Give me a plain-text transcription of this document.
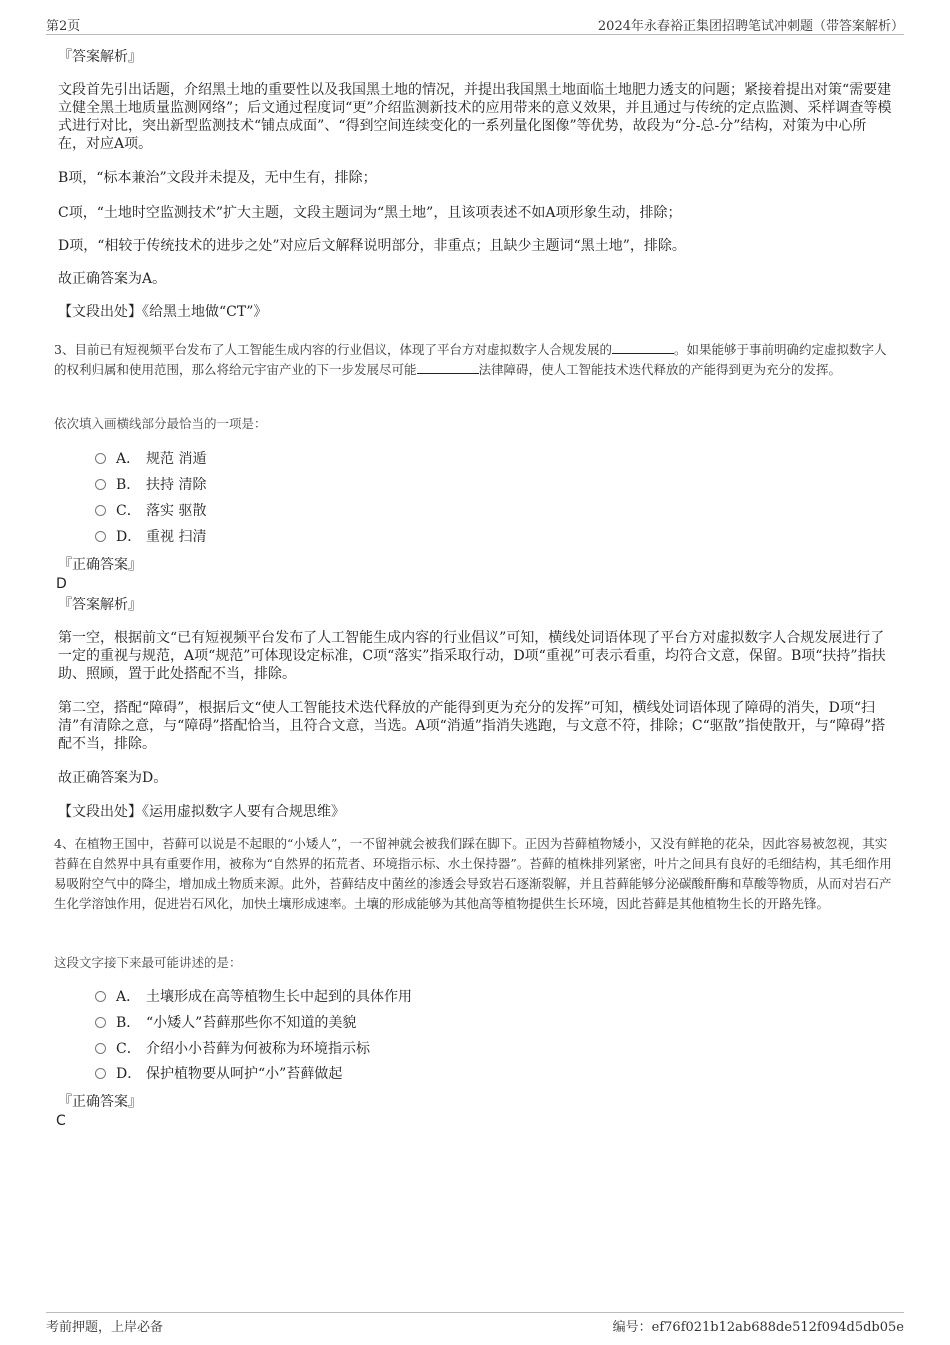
第2页	2024年永春裕正集团招聘笔试冲刺题（带答案解析）
『答案解析』

文段首先引出话题，介绍黑土地的重要性以及我国黑土地的情况，并提出我国黑土地面临土地肥力透支的问题；紧接着提出对策“需要建立健全黑土地质量监测网络”；后文通过程度词“更”介绍监测新技术的应用带来的意义效果，并且通过与传统的定点监测、采样调查等模式进行对比，突出新型监测技术“铺点成面”、“得到空间连续变化的一系列量化图像”等优势，故段为“分-总-分”结构，对策为中心所在，对应A项。

B项，“标本兼治”文段并未提及，无中生有，排除；

C项，“土地时空监测技术”扩大主题，文段主题词为“黑土地”，且该项表述不如A项形象生动，排除；

D项，“相较于传统技术的进步之处”对应后文解释说明部分，非重点；且缺少主题词“黑土地”，排除。

故正确答案为A。

【文段出处】《给黑土地做“CT”》

3、目前已有短视频平台发布了人工智能生成内容的行业倡议，体现了平台方对虚拟数字人合规发展的	。如果能够于事前明确约定虚拟数字人的权利归属和使用范围，那么将给元宇宙产业的下一步发展尽可能	法律障碍，使人工智能技术迭代释放的产能得到更为充分的发挥。

依次填入画横线部分最恰当的一项是：
A． 规范 消遁
B． 扶持 清除
C． 落实 驱散
D． 重视 扫清
『正确答案』
D
『答案解析』

第一空，根据前文“已有短视频平台发布了人工智能生成内容的行业倡议”可知，横线处词语体现了平台方对虚拟数字人合规发展进行了一定的重视与规范，A项“规范”可体现设定标准，C项“落实”指采取行动，D项“重视”可表示看重，均符合文意，保留。B项“扶持”指扶助、照顾，置于此处搭配不当，排除。

第二空，搭配“障碍”，根据后文“使人工智能技术迭代释放的产能得到更为充分的发挥”可知，横线处词语体现了障碍的消失，D项“扫清”有清除之意，与“障碍”搭配恰当，且符合文意，当选。A项“消遁”指消失逃跑，与文意不符，排除；C“驱散”指使散开，与“障碍”搭配不当，排除。

故正确答案为D。

【文段出处】《运用虚拟数字人要有合规思维》

4、在植物王国中，苔藓可以说是不起眼的“小矮人”，一不留神就会被我们踩在脚下。正因为苔藓植物矮小，又没有鲜艳的花朵，因此容易被忽视，其实苔藓在自然界中具有重要作用，被称为“自然界的拓荒者、环境指示标、水土保持器”。苔藓的植株排列紧密，叶片之间具有良好的毛细结构，其毛细作用易吸附空气中的降尘，增加成土物质来源。此外，苔藓结皮中菌丝的渗透会导致岩石逐渐裂解，并且苔藓能够分泌碳酸酐酶和草酸等物质，从而对岩石产生化学溶蚀作用，促进岩石风化，加快土壤形成速率。土壤的形成能够为其他高等植物提供生长环境，因此苔藓是其他植物生长的开路先锋。

这段文字接下来最可能讲述的是：
A． 土壤形成在高等植物生长中起到的具体作用
B． “小矮人”苔藓那些你不知道的美貌
C． 介绍小小苔藓为何被称为环境指示标
D． 保护植物要从呵护“小”苔藓做起
『正确答案』
C
考前押题，上岸必备	编号：ef76f021b12ab688de512f094d5db05e
